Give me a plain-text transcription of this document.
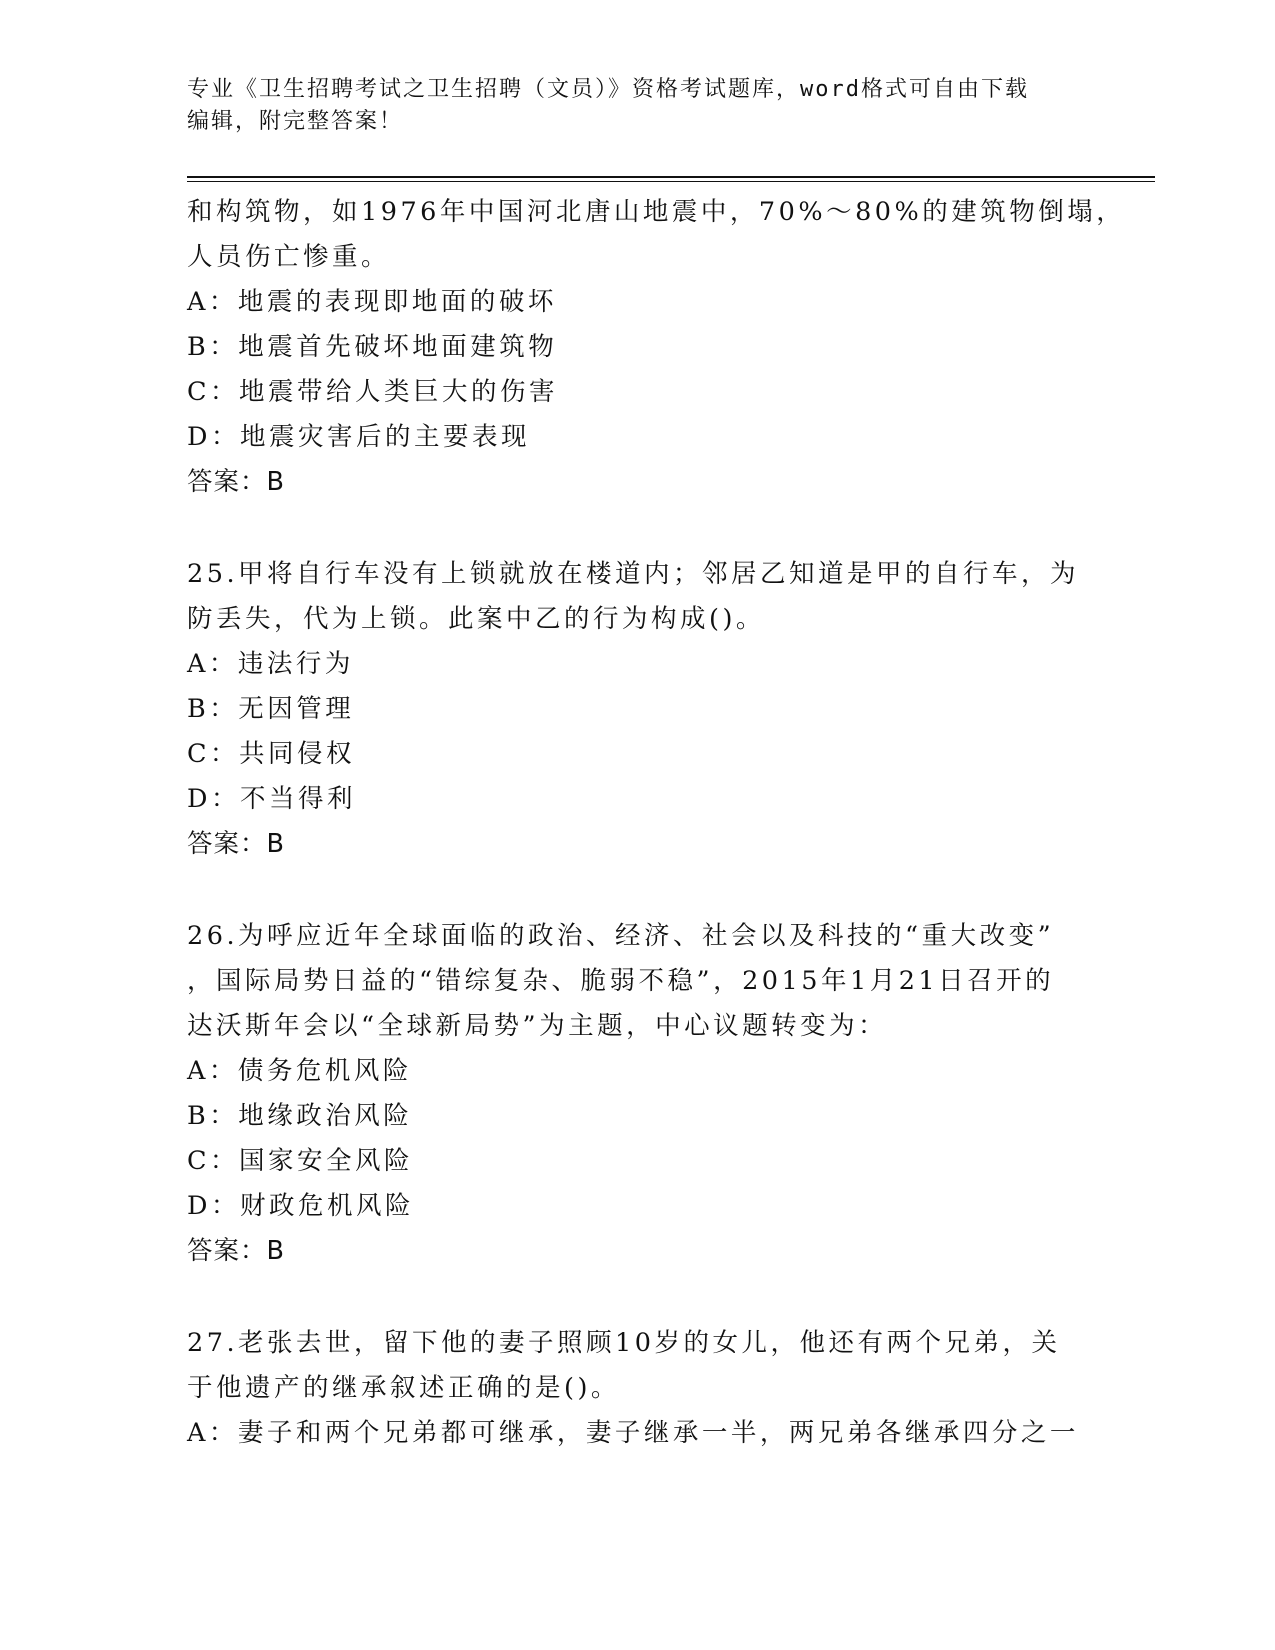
专业《卫生招聘考试之卫生招聘（文员）》资格考试题库，word格式可自由下载
编辑，附完整答案！
和构筑物，如1976年中国河北唐山地震中，70%～80%的建筑物倒塌，
人员伤亡惨重。
A：地震的表现即地面的破坏
B：地震首先破坏地面建筑物
C：地震带给人类巨大的伤害
D：地震灾害后的主要表现
答案：B
25.甲将自行车没有上锁就放在楼道内；邻居乙知道是甲的自行车，为
防丢失，代为上锁。此案中乙的行为构成()。
A：违法行为
B：无因管理
C：共同侵权
D：不当得利
答案：B
26.为呼应近年全球面临的政治、经济、社会以及科技的“重大改变”
，国际局势日益的“错综复杂、脆弱不稳”，2015年1月21日召开的
达沃斯年会以“全球新局势”为主题，中心议题转变为：
A：债务危机风险
B：地缘政治风险
C：国家安全风险
D：财政危机风险
答案：B
27.老张去世，留下他的妻子照顾10岁的女儿，他还有两个兄弟，关
于他遗产的继承叙述正确的是()。
A：妻子和两个兄弟都可继承，妻子继承一半，两兄弟各继承四分之一
